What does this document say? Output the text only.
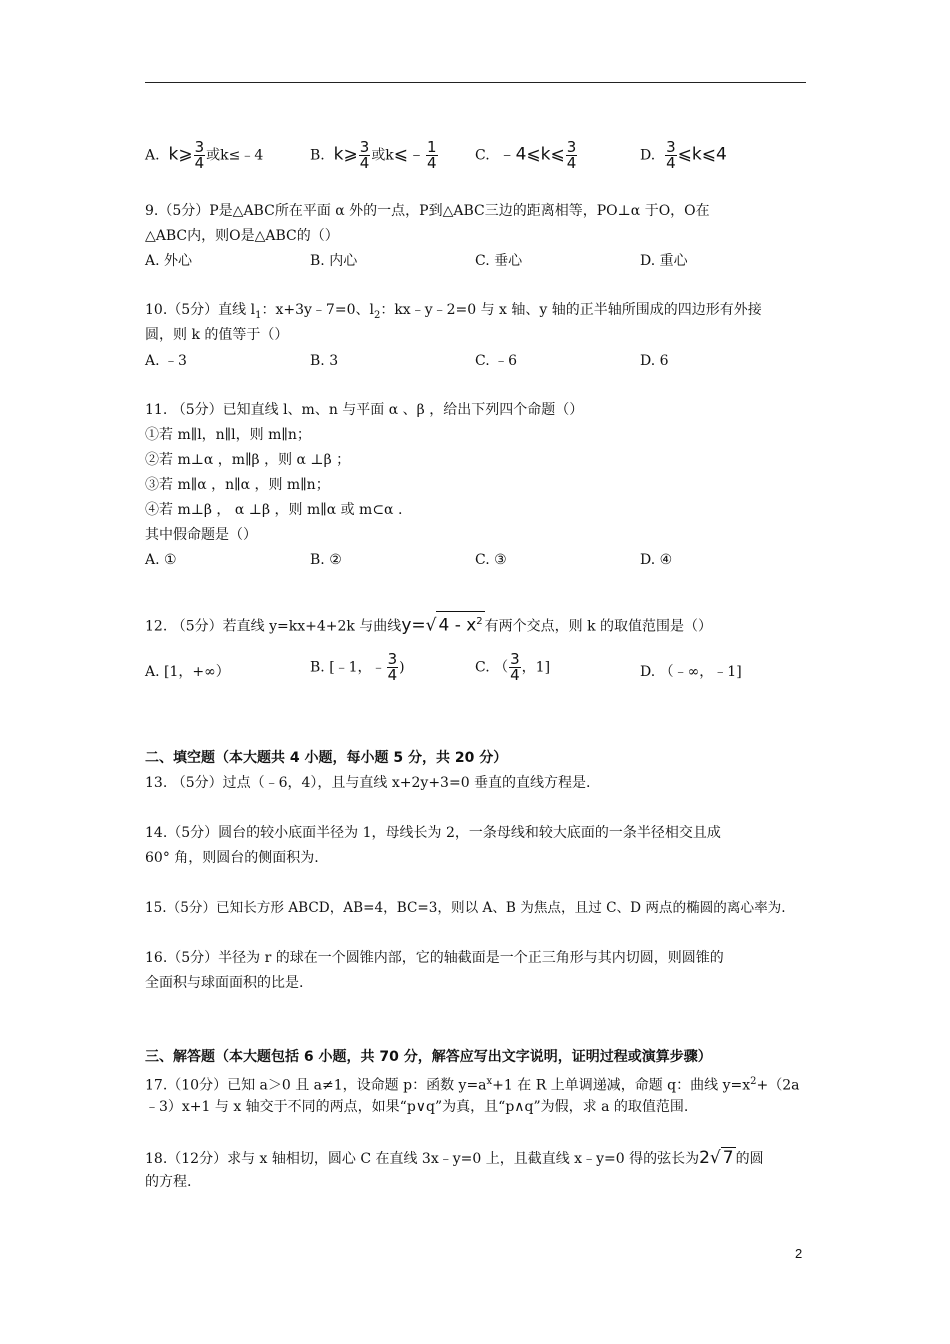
A. k⩾ $\frac{3}{4}$ 或k≤﹣4	B. k⩾ $\frac{3}{4}$ 或k⩽﹣ $\frac{1}{4}$	C. ﹣4⩽k⩽ $\frac{3}{4}$	D. $\frac{3}{4}$ ⩽k⩽4
9.（5分）P是△ABC所在平面 α 外的一点，P到△ABC三边的距离相等，PO⊥α 于O，O在
△ABC内，则O是△ABC的（）
A. 外心	B. 内心	C. 垂心	D. 重心
10.（5分）直线 $l_1$：x+3y﹣7=0、$l_2$：kx﹣y﹣2=0 与 x 轴、y 轴的正半轴所围成的四边形有外接
圆，则 k 的值等于（）
A. ﹣3	B. 3	C. ﹣6	D. 6
11. （5分）已知直线 l、m、n 与平面 α 、β ，给出下列四个命题（）
①若 m∥l，n∥l，则 m∥n；
②若 m⊥α ，m∥β ，则 α ⊥β ；
③若 m∥α ，n∥α ，则 m∥n；
④若 m⊥β ， α ⊥β ，则 m∥α 或 m⊂α .
其中假命题是（）
A. ①	B. ②	C. ③	D. ④
12. （5分）若直线 y=kx+4+2k 与曲线y=√ $4 - x^2$ 有两个交点，则 k 的取值范围是（）
A. [1，+∞）	B. [﹣1，﹣ $\frac{3}{4}$ )	C. （ $\frac{3}{4}$ ，1]	D. （﹣∞，﹣1]
二、填空题（本大题共 4 小题，每小题 5 分，共 20 分）
13. （5分）过点（﹣6，4），且与直线 x+2y+3=0 垂直的直线方程是.
14.（5分）圆台的较小底面半径为 1，母线长为 2，一条母线和较大底面的一条半径相交且成
60° 角，则圆台的侧面积为.
15.（5分）已知长方形 ABCD，AB=4，BC=3，则以 A、B 为焦点，且过 C、D 两点的椭圆的离心率为.
16.（5分）半径为 r 的球在一个圆锥内部，它的轴截面是一个正三角形与其内切圆，则圆锥的
全面积与球面面积的比是.
三、解答题（本大题包括 6 小题，共 70 分，解答应写出文字说明，证明过程或演算步骤）
17.（10分）已知 a＞0 且 a≠1，设命题 p：函数 $y=a^x+1$ 在 R 上单调递减，命题 q：曲线 $y=x^2+(2a$
﹣3）x+1 与 x 轴交于不同的两点，如果“p∨q”为真，且“p∧q”为假，求 a 的取值范围.
18.（12分）求与 x 轴相切，圆心 C 在直线 3x﹣y=0 上，且截直线 x﹣y=0 得的弦长为2√ 7 的圆
的方程.
2
